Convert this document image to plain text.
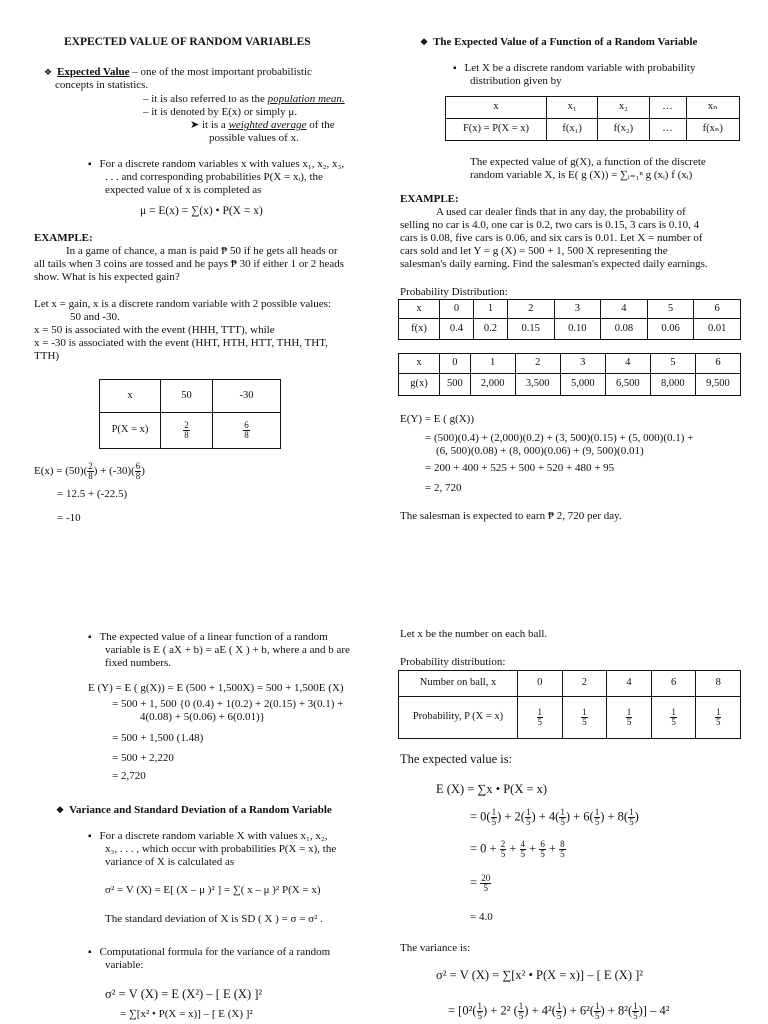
EXPECTED VALUE OF RANDOM VARIABLES
❖ Expected Value – one of the most important probabilistic
concepts in statistics.
– it is also referred to as the population mean.
– it is denoted by E(x) or simply μ.
➤ it is a weighted average of the
possible values of x.
▪ For a discrete random variables x with values x₁, x₂, x₃,
. . . and corresponding probabilities P(X = xᵢ), the
expected value of x is completed as
μ = E(x) = ∑(x) • P(X = x)
EXAMPLE:
In a game of chance, a man is paid ₱ 50 if he gets all heads or
all tails when 3 coins are tossed and he pays ₱ 30 if either 1 or 2 heads
show. What is his expected gain?
Let x = gain, x is a discrete random variable with 2 possible values:
50 and -30.
x = 50 is associated with the event (HHH, TTT), while
x = -30 is associated with the event (HHT, HTH, HTT, THH, THT,
TTH)
x	50	-30
P(X = x)	$\frac{2}{8}$	$\frac{6}{8}$
$E(x) = (50)( \frac{2}{8}$ ) + $(-30)( \frac{6}{8}$ )
= 12.5 + (-22.5)
= -10
❖ The Expected Value of a Function of a Random Variable
▪ Let X be a discrete random variable with probability
distribution given by
x	x₁	x₂	…	xₙ
F(x) = P(X = x)	f(x₁)	f(x₂)	…	f(xₙ)
The expected value of g(X), a function of the discrete
random variable X, is E( g (X)) = ∑ᵢ₌₁ⁿ g (xᵢ) f (xᵢ)
EXAMPLE:
A used car dealer finds that in any day, the probability of
selling no car is 4.0, one car is 0.2, two cars is 0.15, 3 cars is 0.10, 4
cars is 0.08, five cars is 0.06, and six cars is 0.01. Let X = number of
cars sold and let Y = g (X) = 500 + 1, 500 X representing the
salesman's daily earning. Find the salesman's expected daily earnings.
Probability Distribution:
x	0	1	2	3	4	5	6
f(x)	0.4	0.2	0.15	0.10	0.08	0.06	0.01
x	0	1	2	3	4	5	6
g(x)	500	2,000	3,500	5,000	6,500	8,000	9,500
E(Y) = E ( g(X))
= (500)(0.4) + (2,000)(0.2) + (3, 500)(0.15) + (5, 000)(0.1) +
(6, 500)(0.08) + (8, 000)(0.06) + (9, 500)(0.01)
= 200 + 400 + 525 + 500 + 520 + 480 + 95
= 2, 720
The salesman is expected to earn ₱ 2, 720 per day.
▪ The expected value of a linear function of a random
variable is E ( aX + b) = aE ( X ) + b, where a and b are
fixed numbers.
E (Y) = E ( g(X)) = E (500 + 1,500X) = 500 + 1,500E (X)
= 500 + 1, 500 {0 (0.4) + 1(0.2) + 2(0.15) + 3(0.1) +
4(0.08) + 5(0.06) + 6(0.01)}
= 500 + 1,500 (1.48)
= 500 + 2,220
= 2,720
❖ Variance and Standard Deviation of a Random Variable
▪ For a discrete random variable X with values x₁, x₂,
x₃, . . . , which occur with probabilities P(X = x), the
variance of X is calculated as
σ² = V (X) = E[ (X – μ )² ] = ∑( x – μ )² P(X = x)
The standard deviation of X is SD ( X ) = σ = σ² .
▪ Computational formula for the variance of a random
variable:
σ² = V (X) = E (X²) – [ E (X) ]²
= ∑[x² • P(X = x)] – [ E (X) ]²
Let x be the number on each ball.
Probability distribution:
Number on ball, x	0	2	4	6	8
Probability, P (X = x)	$\frac{1}{5}$	$\frac{1}{5}$	$\frac{1}{5}$	$\frac{1}{5}$	$\frac{1}{5}$
The expected value is:
E (X) = ∑x • P(X = x)
= $0( \frac{1}{5}$ ) + $2( \frac{1}{5}$ ) + $4( \frac{1}{5}$ ) + $6( \frac{1}{5}$ ) + $8( \frac{1}{5}$ )
= $0 + \frac{2}{5} + \frac{4}{5} + \frac{6}{5} + \frac{8}{5}$
= $\frac{20}{5}$
= 4.0
The variance is:
σ² = V (X) = ∑[x² • P(X = x)] – [ E (X) ]²
= [$0^2( \frac{1}{5}$ ) + 2² ( $\frac{1}{5}$ ) + $4^2( \frac{1}{5}$ ) + $6^2( \frac{1}{5}$ ) + $8^2( \frac{1}{5}$ )] – 4²
